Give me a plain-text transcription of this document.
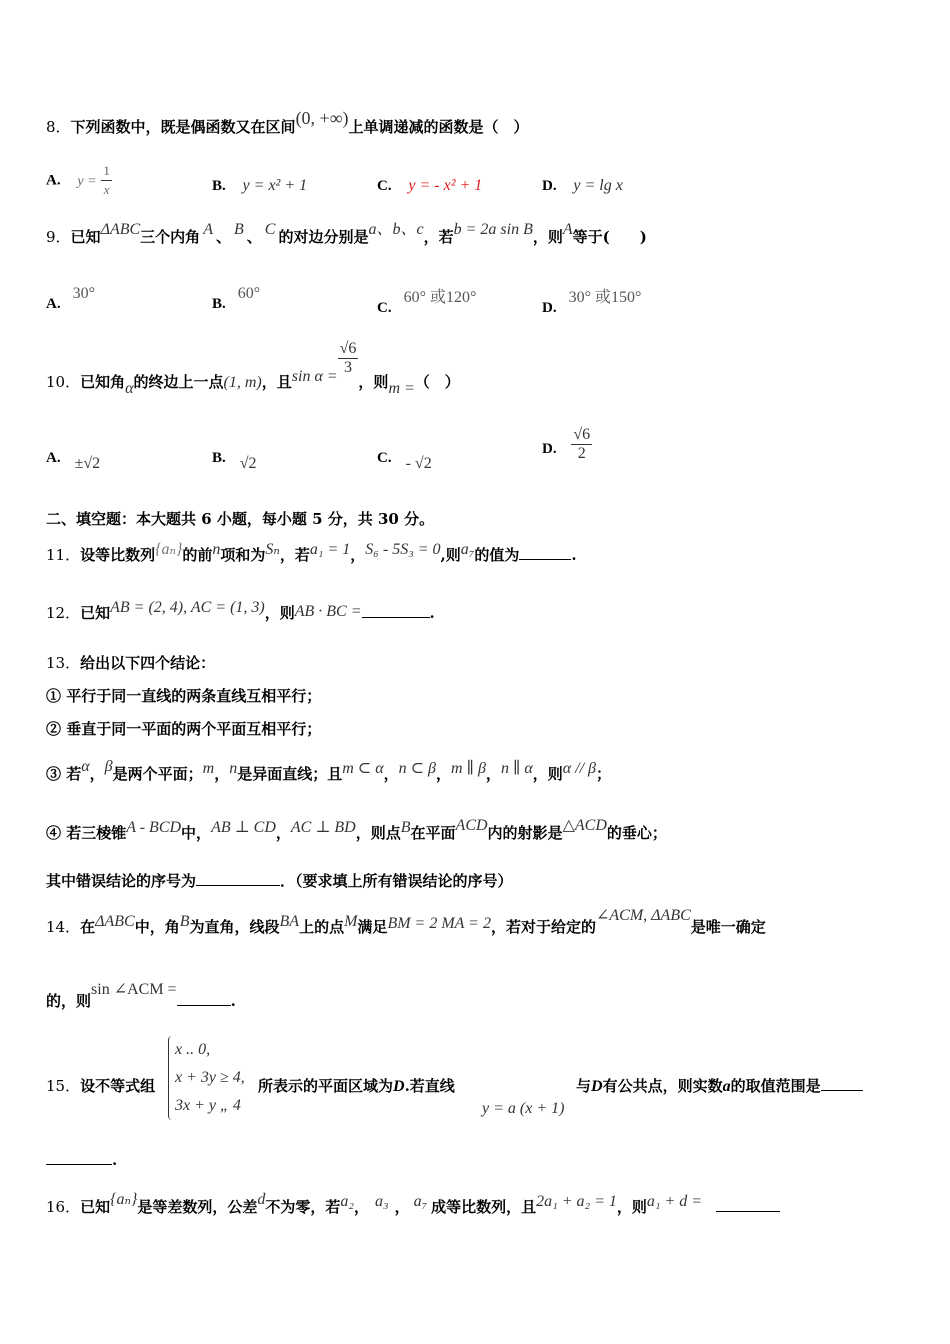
8．下列函数中，既是偶函数又在区间(0, +∞)上单调递减的函数是（　）
A. $y = \frac{1}{x}$	B. y = x² + 1	C. y = - x² + 1	D. y = lg x
9．已知ΔABC三个内角 A 、 B 、 C 的对边分别是a、b、c，若b = 2a sin B，则A等于(　　)
A.30°
B.60°
C.60° 或120°
D.30° 或150°
10．已知角α的终边上一点(1, m)，且$\sin \alpha = \frac{√6}{3}$
，则m =（　）
A. ±√2	B. √2	C. - √2
D. $\frac{√6}{2}$
二、填空题：本大题共 6 小题，每小题 5 分，共 30 分。
11．设等比数列{aₙ}的前n项和为Sₙ，若a₁ = 1，S₆ - 5S₃ = 0,则a₇的值为	.
12．已知AB = (2, 4), AC = (1, 3)，则AB · BC =	.
13．给出以下四个结论：
① 平行于同一直线的两条直线互相平行；
② 垂直于同一平面的两个平面互相平行；
③ 若α，β是两个平面；m，n是异面直线；且m ⊂ α，n ⊂ β，m ∥ β，n ∥ α，则α // β；
④ 若三棱锥A - BCD中，AB ⊥ CD，AC ⊥ BD，则点B在平面ACD内的射影是△ACD的垂心；
其中错误结论的序号为	．（要求填上所有错误结论的序号）
14．在ΔABC中，角B为直角，线段BA上的点M满足BM = 2 MA = 2，若对于给定的∠ACM, ΔABC是唯一确定
的，则sin ∠ACM =.
15．设不等式组
x .. 0,
x + 3y ≥ 4,
3x + y „ 4
所表示的平面区域为D.若直线
y = a (x + 1)
与D有公共点，则实数a的取值范围是
.
16．已知{aₙ}是等差数列，公差d不为零，若a₂， a₃ ， a₇ 成等比数列，且2a₁ + a₂ = 1，则a₁ + d =
